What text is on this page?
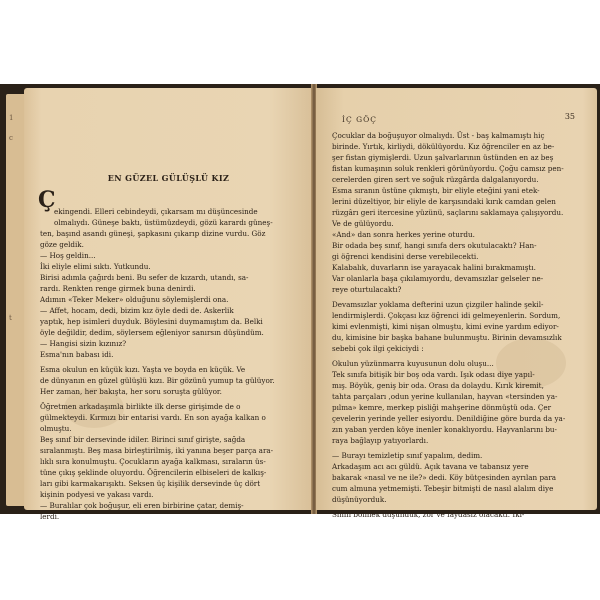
1
c
t
EN GÜZEL GÜLÜŞLÜ KIZ
Ç
ekingendi. Elleri cebindeydi, çıkarsam mı düşüncesinde
olmalıydı. Güneşe baktı, üstümüzdeydi, gözü karardı güneş-
ten, başınd asandı güneşi, şapkasını çıkarıp dizine vurdu. Göz
göze geldik.
— Hoş geldin...
İki eliyle elimi sıktı. Yutkundu.
Birisi adımla çağırdı beni. Bu sefer de kızardı, utandı, sa-
rardı. Renkten renge girmek buna denirdi.
Adımın «Teker Meker» olduğunu söylemişlerdi ona.
— Affet, hocam, dedi, bizim kız öyle dedi de. Askerlik
yaptık, hep isimleri duyduk. Böylesini duymamıştım da. Belki
öyle değildir, dedim, söylersem eğleniyor sanırsın düşündüm.
— Hangisi sizin kızınız?
Esma'nın babası idi.
Esma okulun en küçük kızı. Yaşta ve boyda en küçük. Ve
de dünyanın en güzel gülüşlü kızı. Bir gözünü yumup ta gülüyor.
Her zaman, her bakışta, her soru soruşta gülüyor.
Öğretmen arkadaşımla birlikte ilk derse girişimde de o
gülmekteydi. Kırmızı bir entarisi vardı. En son ayağa kalkan o
olmuştu.
Beş sınıf bir dersevinde idiler. Birinci sınıf girişte, sağda
sıralanmıştı. Beş masa birleştirilmiş, iki yanına beşer parça ara-
lıklı sıra konulmuştu. Çocukların ayağa kalkması, sıraların üs-
tüne çıkış şeklinde oluyordu. Öğrencilerin elbiseleri de kalkış-
ları gibi karmakarışıktı. Seksen üç kişilik dersevinde üç dört
kişinin podyesi ve yakası vardı.
— Buralılar çok boğuşur, eli eren birbirine çatar, demiş-
lerdi.
İÇ GÖÇ	35
Çocuklar da boğuşuyor olmalıydı. Üst - baş kalmamıştı hiç
birinde. Yırtık, kirliydi, dökülüyordu. Kız öğrenciler en az be-
şer fistan giymişlerdi. Uzun şalvarlarının üstünden en az beş
fistan kumaşının soluk renkleri görünüyordu. Çoğu camsız pen-
cerelerden giren sert ve soğuk rüzgârda dalgalanıyordu.
Esma sıranın üstüne çıkmıştı, bir eliyle eteğini yani etek-
lerini düzeltiyor, bir eliyle de karşısındaki kırık camdan gelen
rüzgârı geri itercesine yüzünü, saçlarını saklamaya çalışıyordu.
Ve de gülüyordu.
«And» dan sonra herkes yerine oturdu.
Bir odada beş sınıf, hangi sınıfa ders okutulacaktı? Han-
gi öğrenci kendisini derse verebilecekti.
Kalabalık, duvarların ise yarayacak halini bırakmamıştı.
Var olanlarla başa çıkılamıyordu, devamsızlar gelseler ne-
reye oturtulacaktı?
Devamsızlar yoklama defterini uzun çizgiler halinde şekil-
lendirmişlerdi. Çokçası kız öğrenci idi gelmeyenlerin. Sordum,
kimi evlenmişti, kimi nişan olmuştu, kimi evine yardım ediyor-
du, kimisine bir başka bahane bulunmuştu. Birinin devamsızlık
sebebi çok ilgi çekiciydi :
Okulun yüzünmarra kuyusunun dolu oluşu...
Tek sınıfa bitişik bir boş oda vardı. Işık odası diye yapıl-
mış. Böyük, geniş bir oda. Orası da dolaydu. Kırık kiremit,
tahta parçaları ,odun yerine kullanılan, hayvan «tersinden ya-
pılma» kemre, merkep pisliği mahşerine dönmüştü oda. Çer
çevelerin yerinde yeller esiyordu. Denildiğine göre burda da ya-
zın yaban yerden köye inenler konaklıyordu. Hayvanlarını bu-
raya bağlayıp yatıyorlardı.
— Burayı temizletip sınıf yapalım, dedim.
Arkadaşım acı acı güldü. Açık tavana ve tabansız yere
bakarak «nasıl ve ne ile?» dedi. Köy bütçesinden ayrılan para
cum almuna yetmemişti. Tebeşir bitmişti de nasıl alalım diye
düşünüyorduk.
Sınıfı bölmek düşündük, zor ve faydasız olacaktı. İki-
